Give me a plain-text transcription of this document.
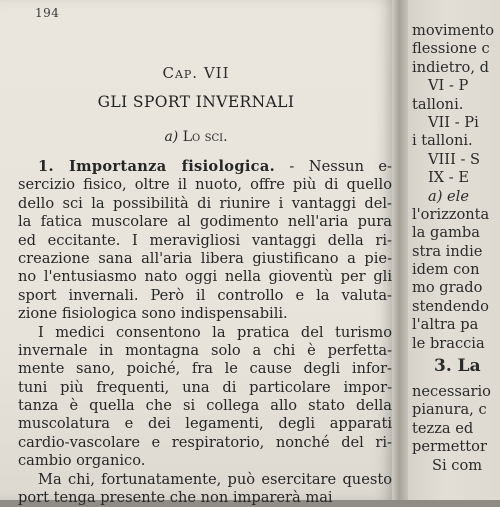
194
Cap. VII
GLI SPORT INVERNALI
a) Lo sci.
1. Importanza fisiologica. - Nessun e-
sercizio fisico, oltre il nuoto, offre più di quello
dello sci la possibilità di riunire i vantaggi del-
la fatica muscolare al godimento nell'aria pura
ed eccitante. I meravigliosi vantaggi della ri-
creazione sana all'aria libera giustificano a pie-
no l'entusiasmo nato oggi nella gioventù per gli
sport invernali. Però il controllo e la valuta-
zione fisiologica sono indispensabili.
I medici consentono la pratica del turismo
invernale in montagna solo a chi è perfetta-
mente sano, poiché, fra le cause degli infor-
tuni più frequenti, una di particolare impor-
tanza è quella che si collega allo stato della
muscolatura e dei legamenti, degli apparati
cardio-vascolare e respiratorio, nonché del ri-
cambio organico.
Ma chi, fortunatamente, può esercitare questo
port tenga presente che non imparerà mai
movimento
flessione c
indietro, d
VI - P
talloni.
VII - Pi
i talloni.
VIII - S
IX - E
a) ele
l'orizzonta
la gamba
stra indie
idem con
mo grado
stendendo
l'altra pa
le braccia
3. La
necessario
pianura, c
tezza ed
permettor
Si com
